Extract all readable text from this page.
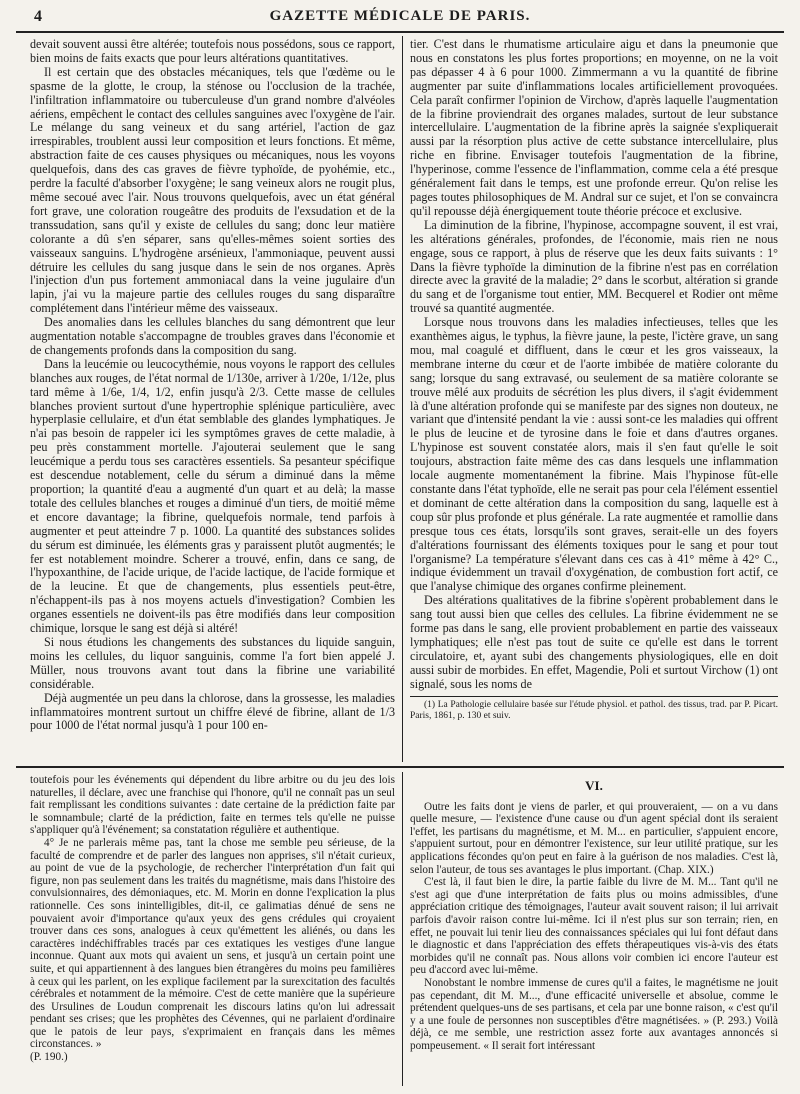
4	GAZETTE MÉDICALE DE PARIS.

devait souvent aussi être altérée; toutefois nous possédons, sous ce rapport, bien moins de faits exacts que pour leurs altérations quantitatives.

Il est certain que des obstacles mécaniques, tels que l'œdème ou le spasme de la glotte, le croup, la sténose ou l'occlusion de la trachée, l'infiltration inflammatoire ou tuberculeuse d'un grand nombre d'alvéoles aériens, empêchent le contact des cellules sanguines avec l'oxygène de l'air. Le mélange du sang veineux et du sang artériel, l'action de gaz irrespirables, troublent aussi leur composition et leurs fonctions. Et même, abstraction faite de ces causes physiques ou mécaniques, nous les voyons quelquefois, dans des cas graves de fièvre typhoïde, de pyohémie, etc., perdre la faculté d'absorber l'oxygène; le sang veineux alors ne rougit plus, même secoué avec l'air. Nous trouvons quelquefois, avec un état général fort grave, une coloration rougeâtre des produits de l'exsudation et de la transsudation, sans qu'il y existe de cellules du sang; donc leur matière colorante a dû s'en séparer, sans qu'elles-mêmes soient sorties des vaisseaux sanguins. L'hydrogène arsénieux, l'ammoniaque, peuvent aussi détruire les cellules du sang jusque dans le sein de nos organes. Après l'injection d'un pus fortement ammoniacal dans la veine jugulaire d'un lapin, j'ai vu la majeure partie des cellules rouges du sang disparaître complétement dans l'intérieur même des vaisseaux.

Des anomalies dans les cellules blanches du sang démontrent que leur augmentation notable s'accompagne de troubles graves dans l'économie et de changements profonds dans la composition du sang.

Dans la leucémie ou leucocythémie, nous voyons le rapport des cellules blanches aux rouges, de l'état normal de 1/130e, arriver à 1/20e, 1/12e, plus tard même à 1/6e, 1/4, 1/2, enfin jusqu'à 2/3. Cette masse de cellules blanches provient surtout d'une hypertrophie splénique particulière, avec hyperplasie cellulaire, et d'un état semblable des glandes lymphatiques. Je n'ai pas besoin de rappeler ici les symptômes graves de cette maladie, à peu près constamment mortelle. J'ajouterai seulement que le sang leucémique a perdu tous ses caractères essentiels. Sa pesanteur spécifique est descendue notablement, celle du sérum a diminué dans la même proportion; la quantité d'eau a augmenté d'un quart et au delà; la masse totale des cellules blanches et rouges a diminué d'un tiers, de moitié même et encore davantage; la fibrine, quelquefois normale, tend parfois à augmenter et peut atteindre 7 p. 1000. La quantité des substances solides du sérum est diminuée, les éléments gras y paraissent plutôt augmentés; le fer est notablement moindre. Scherer a trouvé, enfin, dans ce sang, de l'hypoxanthine, de l'acide urique, de l'acide lactique, de l'acide formique et de la leucine. Et que de changements, plus essentiels peut-être, n'échappent-ils pas à nos moyens actuels d'investigation? Combien les organes essentiels ne doivent-ils pas être modifiés dans leur composition chimique, lorsque le sang est déjà si altéré!

Si nous étudions les changements des substances du liquide sanguin, moins les cellules, du liquor sanguinis, comme l'a fort bien appelé J. Müller, nous trouvons avant tout dans la fibrine une variabilité considérable.

Déjà augmentée un peu dans la chlorose, dans la grossesse, les maladies inflammatoires montrent surtout un chiffre élevé de fibrine, allant de 1/3 pour 1000 de l'état normal jusqu'à 1 pour 100 en-

tier. C'est dans le rhumatisme articulaire aigu et dans la pneumonie que nous en constatons les plus fortes proportions; en moyenne, on ne la voit pas dépasser 4 à 6 pour 1000. Zimmermann a vu la quantité de fibrine augmenter par suite d'inflammations locales artificiellement provoquées. Cela paraît confirmer l'opinion de Virchow, d'après laquelle l'augmentation de la fibrine proviendrait des organes malades, surtout de leur substance intercellulaire. L'augmentation de la fibrine après la saignée s'expliquerait aussi par la résorption plus active de cette substance intercellulaire, plus riche en fibrine. Envisager toutefois l'augmentation de la fibrine, l'hyperinose, comme l'essence de l'inflammation, comme cela a été presque généralement fait dans le temps, est une profonde erreur. Qu'on relise les pages toutes philosophiques de M. Andral sur ce sujet, et l'on se convaincra qu'il repousse déjà énergiquement toute théorie précoce et exclusive.

La diminution de la fibrine, l'hypinose, accompagne souvent, il est vrai, les altérations générales, profondes, de l'économie, mais rien ne nous engage, sous ce rapport, à plus de réserve que les deux faits suivants : 1° Dans la fièvre typhoïde la diminution de la fibrine n'est pas en corrélation directe avec la gravité de la maladie; 2° dans le scorbut, altération si grande du sang et de l'organisme tout entier, MM. Becquerel et Rodier ont même trouvé sa quantité augmentée.

Lorsque nous trouvons dans les maladies infectieuses, telles que les exanthèmes aigus, le typhus, la fièvre jaune, la peste, l'ictère grave, un sang mou, mal coagulé et diffluent, dans le cœur et les gros vaisseaux, la membrane interne du cœur et de l'aorte imbibée de matière colorante du sang; lorsque du sang extravasé, ou seulement de sa matière colorante se trouve mêlé aux produits de sécrétion les plus divers, il s'agit évidemment là d'une altération profonde qui se manifeste par des signes non douteux, ne variant que d'intensité pendant la vie : aussi sont-ce les maladies qui offrent le plus de leucine et de tyrosine dans le foie et dans d'autres organes. L'hypinose est souvent constatée alors, mais il s'en faut qu'elle le soit toujours, abstraction faite même des cas dans lesquels une inflammation locale augmente momentanément la fibrine. Mais l'hypinose fût-elle constante dans l'état typhoïde, elle ne serait pas pour cela l'élément essentiel et dominant de cette altération dans la composition du sang, laquelle est à coup sûr plus profonde et plus générale. La rate augmentée et ramollie dans presque tous ces états, lorsqu'ils sont graves, serait-elle un des foyers d'altérations fournissant des éléments toxiques pour le sang et pour tout l'organisme? La température s'élevant dans ces cas à 41° même à 42° C., indique évidemment un travail d'oxygénation, de combustion fort actif, ce que l'analyse chimique des organes confirme pleinement.

Des altérations qualitatives de la fibrine s'opèrent probablement dans le sang tout aussi bien que celles des cellules. La fibrine évidemment ne se forme pas dans le sang, elle provient probablement en partie des vaisseaux lymphatiques; elle n'est pas tout de suite ce qu'elle est dans le torrent circulatoire, et, ayant subi des changements physiologiques, elle en doit aussi subir de morbides. En effet, Magendie, Poli et surtout Virchow (1) ont signalé, sous les noms de

(1) La Pathologie cellulaire basée sur l'étude physiol. et pathol. des tissus, trad. par P. Picart. Paris, 1861, p. 130 et suiv.

toutefois pour les événements qui dépendent du libre arbitre ou du jeu des lois naturelles, il déclare, avec une franchise qui l'honore, qu'il ne connaît pas un seul fait remplissant les conditions suivantes : date certaine de la prédiction faite par le somnambule; clarté de la prédiction, faite en termes tels qu'elle ne puisse s'appliquer qu'à l'événement; sa constatation régulière et authentique.

4° Je ne parlerais même pas, tant la chose me semble peu sérieuse, de la faculté de comprendre et de parler des langues non apprises, s'il n'était curieux, au point de vue de la psychologie, de rechercher l'interprétation d'un fait qui figure, non pas seulement dans les traités du magnétisme, mais dans l'histoire des convulsionnaires, des démoniaques, etc. M. Morin en donne l'explication la plus rationnelle. Ces sons inintelligibles, dit-il, ce galimatias dénué de sens ne pouvaient avoir d'importance qu'aux yeux des gens crédules qui croyaient trouver dans ces sons, analogues à ceux qu'émettent les aliénés, ou dans les caractères indéchiffrables tracés par ces extatiques les vestiges d'une langue inconnue. Quant aux mots qui avaient un sens, et jusqu'à un certain point une suite, et qui appartiennent à des langues bien étrangères du moins peu familières à ceux qui les parlent, on les explique facilement par la surexcitation des facultés cérébrales et notamment de la mémoire. C'est de cette manière que la supérieure des Ursulines de Loudun comprenait les discours latins qu'on lui adressait pendant ses crises; que les prophètes des Cévennes, qui ne parlaient d'ordinaire que le patois de leur pays, s'exprimaient en français dans les mêmes circonstances. »

(P. 190.)

VI.

Outre les faits dont je viens de parler, et qui prouveraient, — on a vu dans quelle mesure, — l'existence d'une cause ou d'un agent spécial dont ils seraient l'effet, les partisans du magnétisme, et M. M... en particulier, s'appuient encore, s'appuient surtout, pour en démontrer l'existence, sur leur utilité pratique, sur les applications fécondes qu'on peut en faire à la guérison de nos maladies. C'est là, selon l'auteur, de tous ses avantages le plus important. (Chap. XIX.)

C'est là, il faut bien le dire, la partie faible du livre de M. M... Tant qu'il ne s'est agi que d'une interprétation de faits plus ou moins admissibles, d'une appréciation critique des témoignages, l'auteur avait souvent raison; il lui arrivait parfois d'avoir raison contre lui-même. Ici il n'est plus sur son terrain; rien, en effet, ne pouvait lui tenir lieu des connaissances spéciales qui lui font défaut dans le diagnostic et dans l'appréciation des effets thérapeutiques vis-à-vis des états morbides qu'il ne connaît pas. Nous allons voir combien ici encore l'auteur est peu d'accord avec lui-même.

Nonobstant le nombre immense de cures qu'il a faites, le magnétisme ne jouit pas cependant, dit M. M..., d'une efficacité universelle et absolue, comme le prétendent quelques-uns de ses partisans, et cela par une bonne raison, « c'est qu'il y a une foule de personnes non susceptibles d'être magnétisées. » (P. 293.) Voilà déjà, ce me semble, une restriction assez forte aux avantages annoncés si pompeusement. « Il serait fort intéressant
